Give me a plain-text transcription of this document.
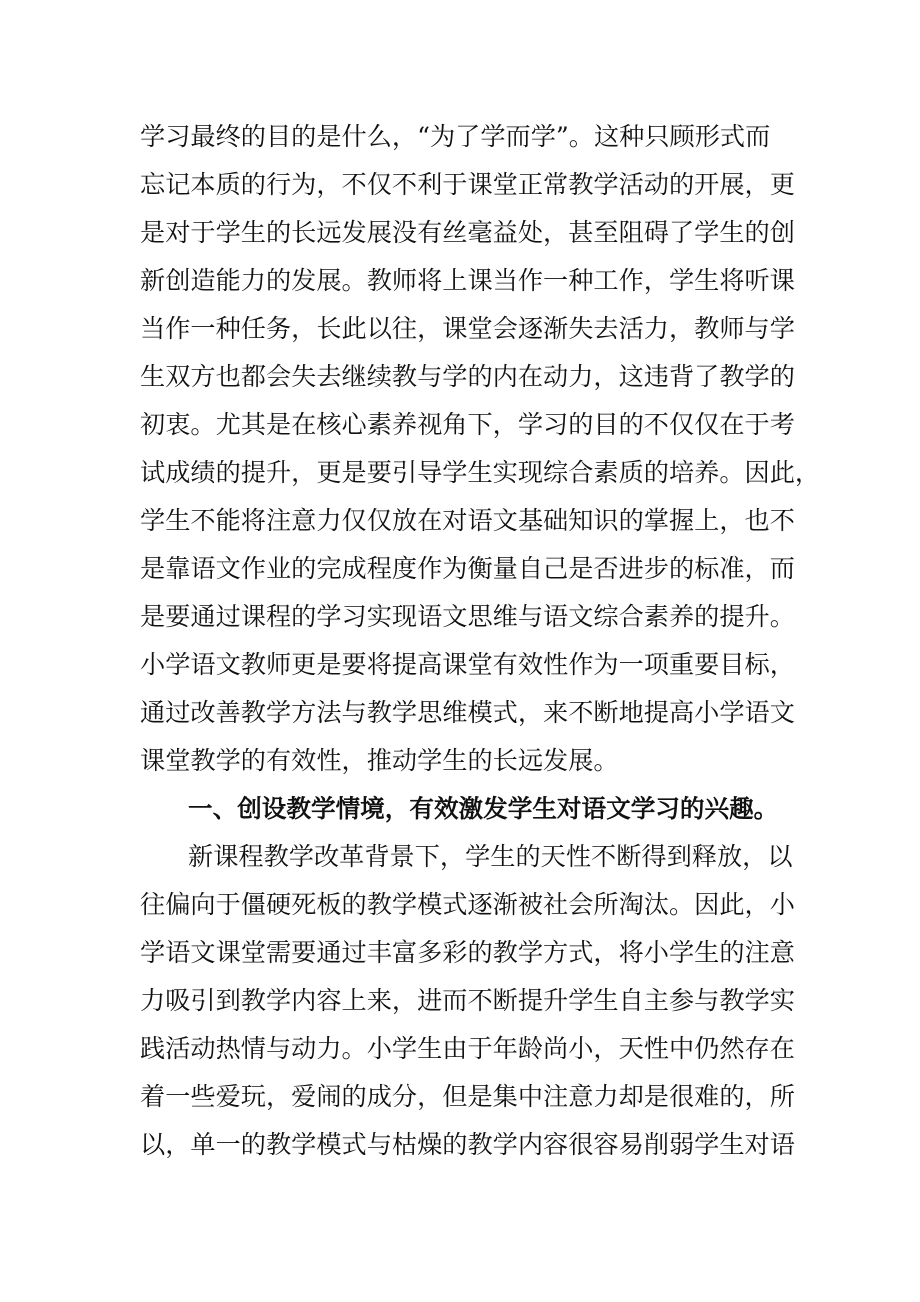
学习最终的目的是什么，“为了学而学”。这种只顾形式而
忘记本质的行为，不仅不利于课堂正常教学活动的开展，更
是对于学生的长远发展没有丝毫益处，甚至阻碍了学生的创
新创造能力的发展。教师将上课当作一种工作，学生将听课
当作一种任务，长此以往，课堂会逐渐失去活力，教师与学
生双方也都会失去继续教与学的内在动力，这违背了教学的
初衷。尤其是在核心素养视角下，学习的目的不仅仅在于考
试成绩的提升，更是要引导学生实现综合素质的培养。因此，
学生不能将注意力仅仅放在对语文基础知识的掌握上，也不
是靠语文作业的完成程度作为衡量自己是否进步的标准，而
是要通过课程的学习实现语文思维与语文综合素养的提升。
小学语文教师更是要将提高课堂有效性作为一项重要目标，
通过改善教学方法与教学思维模式，来不断地提高小学语文
课堂教学的有效性，推动学生的长远发展。
一、创设教学情境，有效激发学生对语文学习的兴趣。
新课程教学改革背景下，学生的天性不断得到释放，以
往偏向于僵硬死板的教学模式逐渐被社会所淘汰。因此，小
学语文课堂需要通过丰富多彩的教学方式，将小学生的注意
力吸引到教学内容上来，进而不断提升学生自主参与教学实
践活动热情与动力。小学生由于年龄尚小，天性中仍然存在
着一些爱玩，爱闹的成分，但是集中注意力却是很难的，所
以，单一的教学模式与枯燥的教学内容很容易削弱学生对语
